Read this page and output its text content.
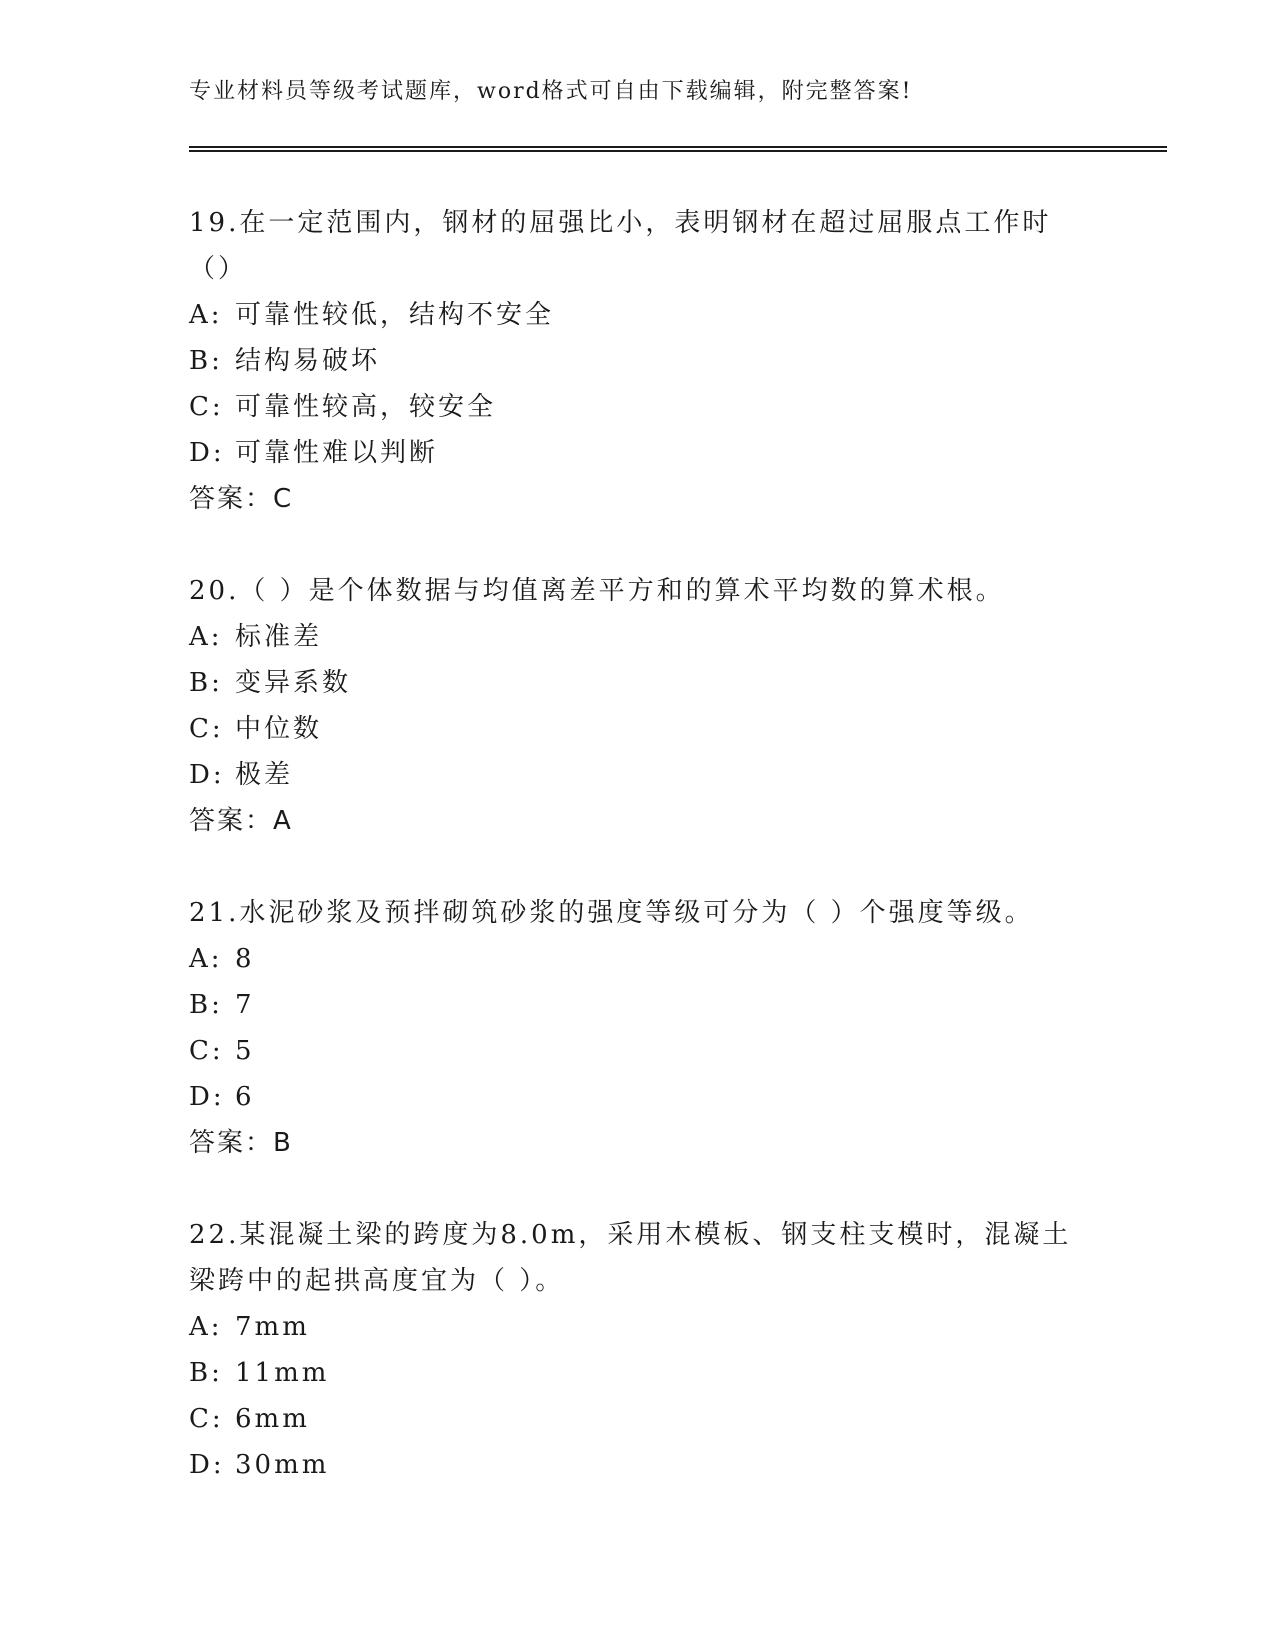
专业材料员等级考试题库，word格式可自由下载编辑，附完整答案!

19.在一定范围内，钢材的屈强比小，表明钢材在超过屈服点工作时（）

A: 可靠性较低，结构不安全

B: 结构易破坏

C: 可靠性较高，较安全

D: 可靠性难以判断

答案：C

20.（ ）是个体数据与均值离差平方和的算术平均数的算术根。

A: 标准差

B: 变异系数

C: 中位数

D: 极差

答案：A

21.水泥砂浆及预拌砌筑砂浆的强度等级可分为（ ）个强度等级。

A: 8

B: 7

C: 5

D: 6

答案：B

22.某混凝土梁的跨度为8.0m，采用木模板、钢支柱支模时，混凝土梁跨中的起拱高度宜为（ ）。

A: 7mm

B: 11mm

C: 6mm

D: 30mm
